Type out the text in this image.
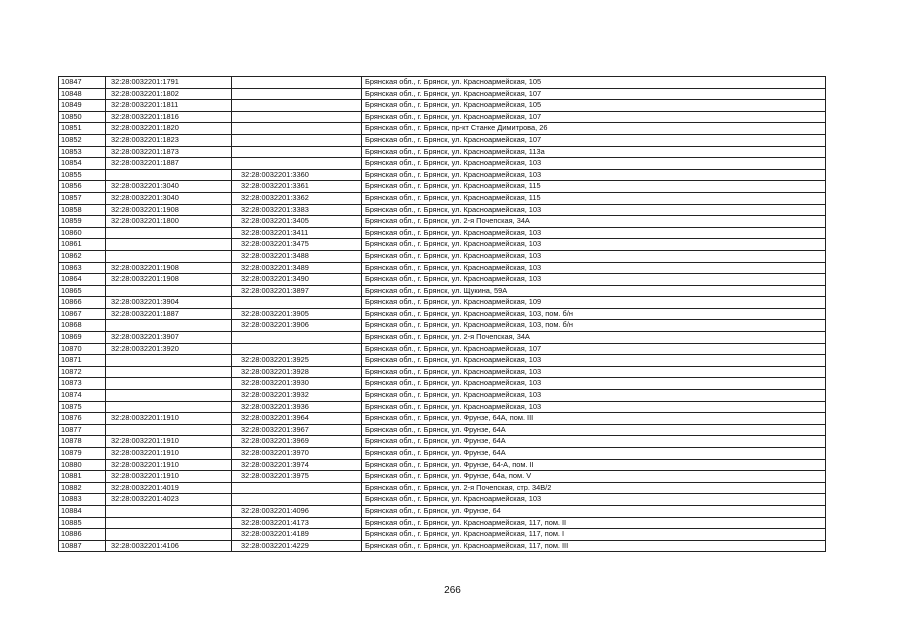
10847	32:28:0032201:1791		Брянская обл., г. Брянск, ул. Красноармейская, 105
10848	32:28:0032201:1802		Брянская обл., г. Брянск, ул. Красноармейская, 107
10849	32:28:0032201:1811		Брянская обл., г. Брянск, ул. Красноармейская, 105
10850	32:28:0032201:1816		Брянская обл., г. Брянск, ул. Красноармейская, 107
10851	32:28:0032201:1820		Брянская обл., г. Брянск, пр-кт Станке Димитрова, 26
10852	32:28:0032201:1823		Брянская обл., г. Брянск, ул. Красноармейская, 107
10853	32:28:0032201:1873		Брянская обл., г. Брянск, ул. Красноармейская, 113а
10854	32:28:0032201:1887		Брянская обл., г. Брянск, ул. Красноармейская, 103
10855		32:28:0032201:3360	Брянская обл., г. Брянск, ул. Красноармейская, 103
10856	32:28:0032201:3040	32:28:0032201:3361	Брянская обл., г. Брянск, ул. Красноармейская, 115
10857	32:28:0032201:3040	32:28:0032201:3362	Брянская обл., г. Брянск, ул. Красноармейская, 115
10858	32:28:0032201:1908	32:28:0032201:3383	Брянская обл., г. Брянск, ул. Красноармейская, 103
10859	32:28:0032201:1800	32:28:0032201:3405	Брянская обл., г. Брянск, ул. 2-я Почепская, 34А
10860		32:28:0032201:3411	Брянская обл., г. Брянск, ул. Красноармейская, 103
10861		32:28:0032201:3475	Брянская обл., г. Брянск, ул. Красноармейская, 103
10862		32:28:0032201:3488	Брянская обл., г. Брянск, ул. Красноармейская, 103
10863	32:28:0032201:1908	32:28:0032201:3489	Брянская обл., г. Брянск, ул. Красноармейская, 103
10864	32:28:0032201:1908	32:28:0032201:3490	Брянская обл., г. Брянск, ул. Красноармейская, 103
10865		32:28:0032201:3897	Брянская обл., г. Брянск, ул. Щукина, 59А
10866	32:28:0032201:3904		Брянская обл., г. Брянск, ул. Красноармейская, 109
10867	32:28:0032201:1887	32:28:0032201:3905	Брянская обл., г. Брянск, ул. Красноармейская, 103, пом. б/н
10868		32:28:0032201:3906	Брянская обл., г. Брянск, ул. Красноармейская, 103, пом. б/н
10869	32:28:0032201:3907		Брянская обл., г. Брянск, ул. 2-я Почепская, 34А
10870	32:28:0032201:3920		Брянская обл., г. Брянск, ул. Красноармейская, 107
10871		32:28:0032201:3925	Брянская обл., г. Брянск, ул. Красноармейская, 103
10872		32:28:0032201:3928	Брянская обл., г. Брянск, ул. Красноармейская, 103
10873		32:28:0032201:3930	Брянская обл., г. Брянск, ул. Красноармейская, 103
10874		32:28:0032201:3932	Брянская обл., г. Брянск, ул. Красноармейская, 103
10875		32:28:0032201:3936	Брянская обл., г. Брянск, ул. Красноармейская, 103
10876	32:28:0032201:1910	32:28:0032201:3964	Брянская обл., г. Брянск, ул. Фрунзе, 64А, пом. III
10877		32:28:0032201:3967	Брянская обл., г. Брянск, ул. Фрунзе, 64А
10878	32:28:0032201:1910	32:28:0032201:3969	Брянская обл., г. Брянск, ул. Фрунзе, 64А
10879	32:28:0032201:1910	32:28:0032201:3970	Брянская обл., г. Брянск, ул. Фрунзе, 64А
10880	32:28:0032201:1910	32:28:0032201:3974	Брянская обл., г. Брянск, ул. Фрунзе, 64-А, пом. II
10881	32:28:0032201:1910	32:28:0032201:3975	Брянская обл., г. Брянск, ул. Фрунзе, 64а, пом. V
10882	32:28:0032201:4019		Брянская обл., г. Брянск, ул. 2-я Почепская, стр. 34В/2
10883	32:28:0032201:4023		Брянская обл., г. Брянск, ул. Красноармейская, 103
10884		32:28:0032201:4096	Брянская обл., г. Брянск, ул. Фрунзе, 64
10885		32:28:0032201:4173	Брянская обл., г. Брянск, ул. Красноармейская, 117, пом. II
10886		32:28:0032201:4189	Брянская обл., г. Брянск, ул. Красноармейская, 117, пом. I
10887	32:28:0032201:4106	32:28:0032201:4229	Брянская обл., г. Брянск, ул. Красноармейская, 117, пом. III
266
